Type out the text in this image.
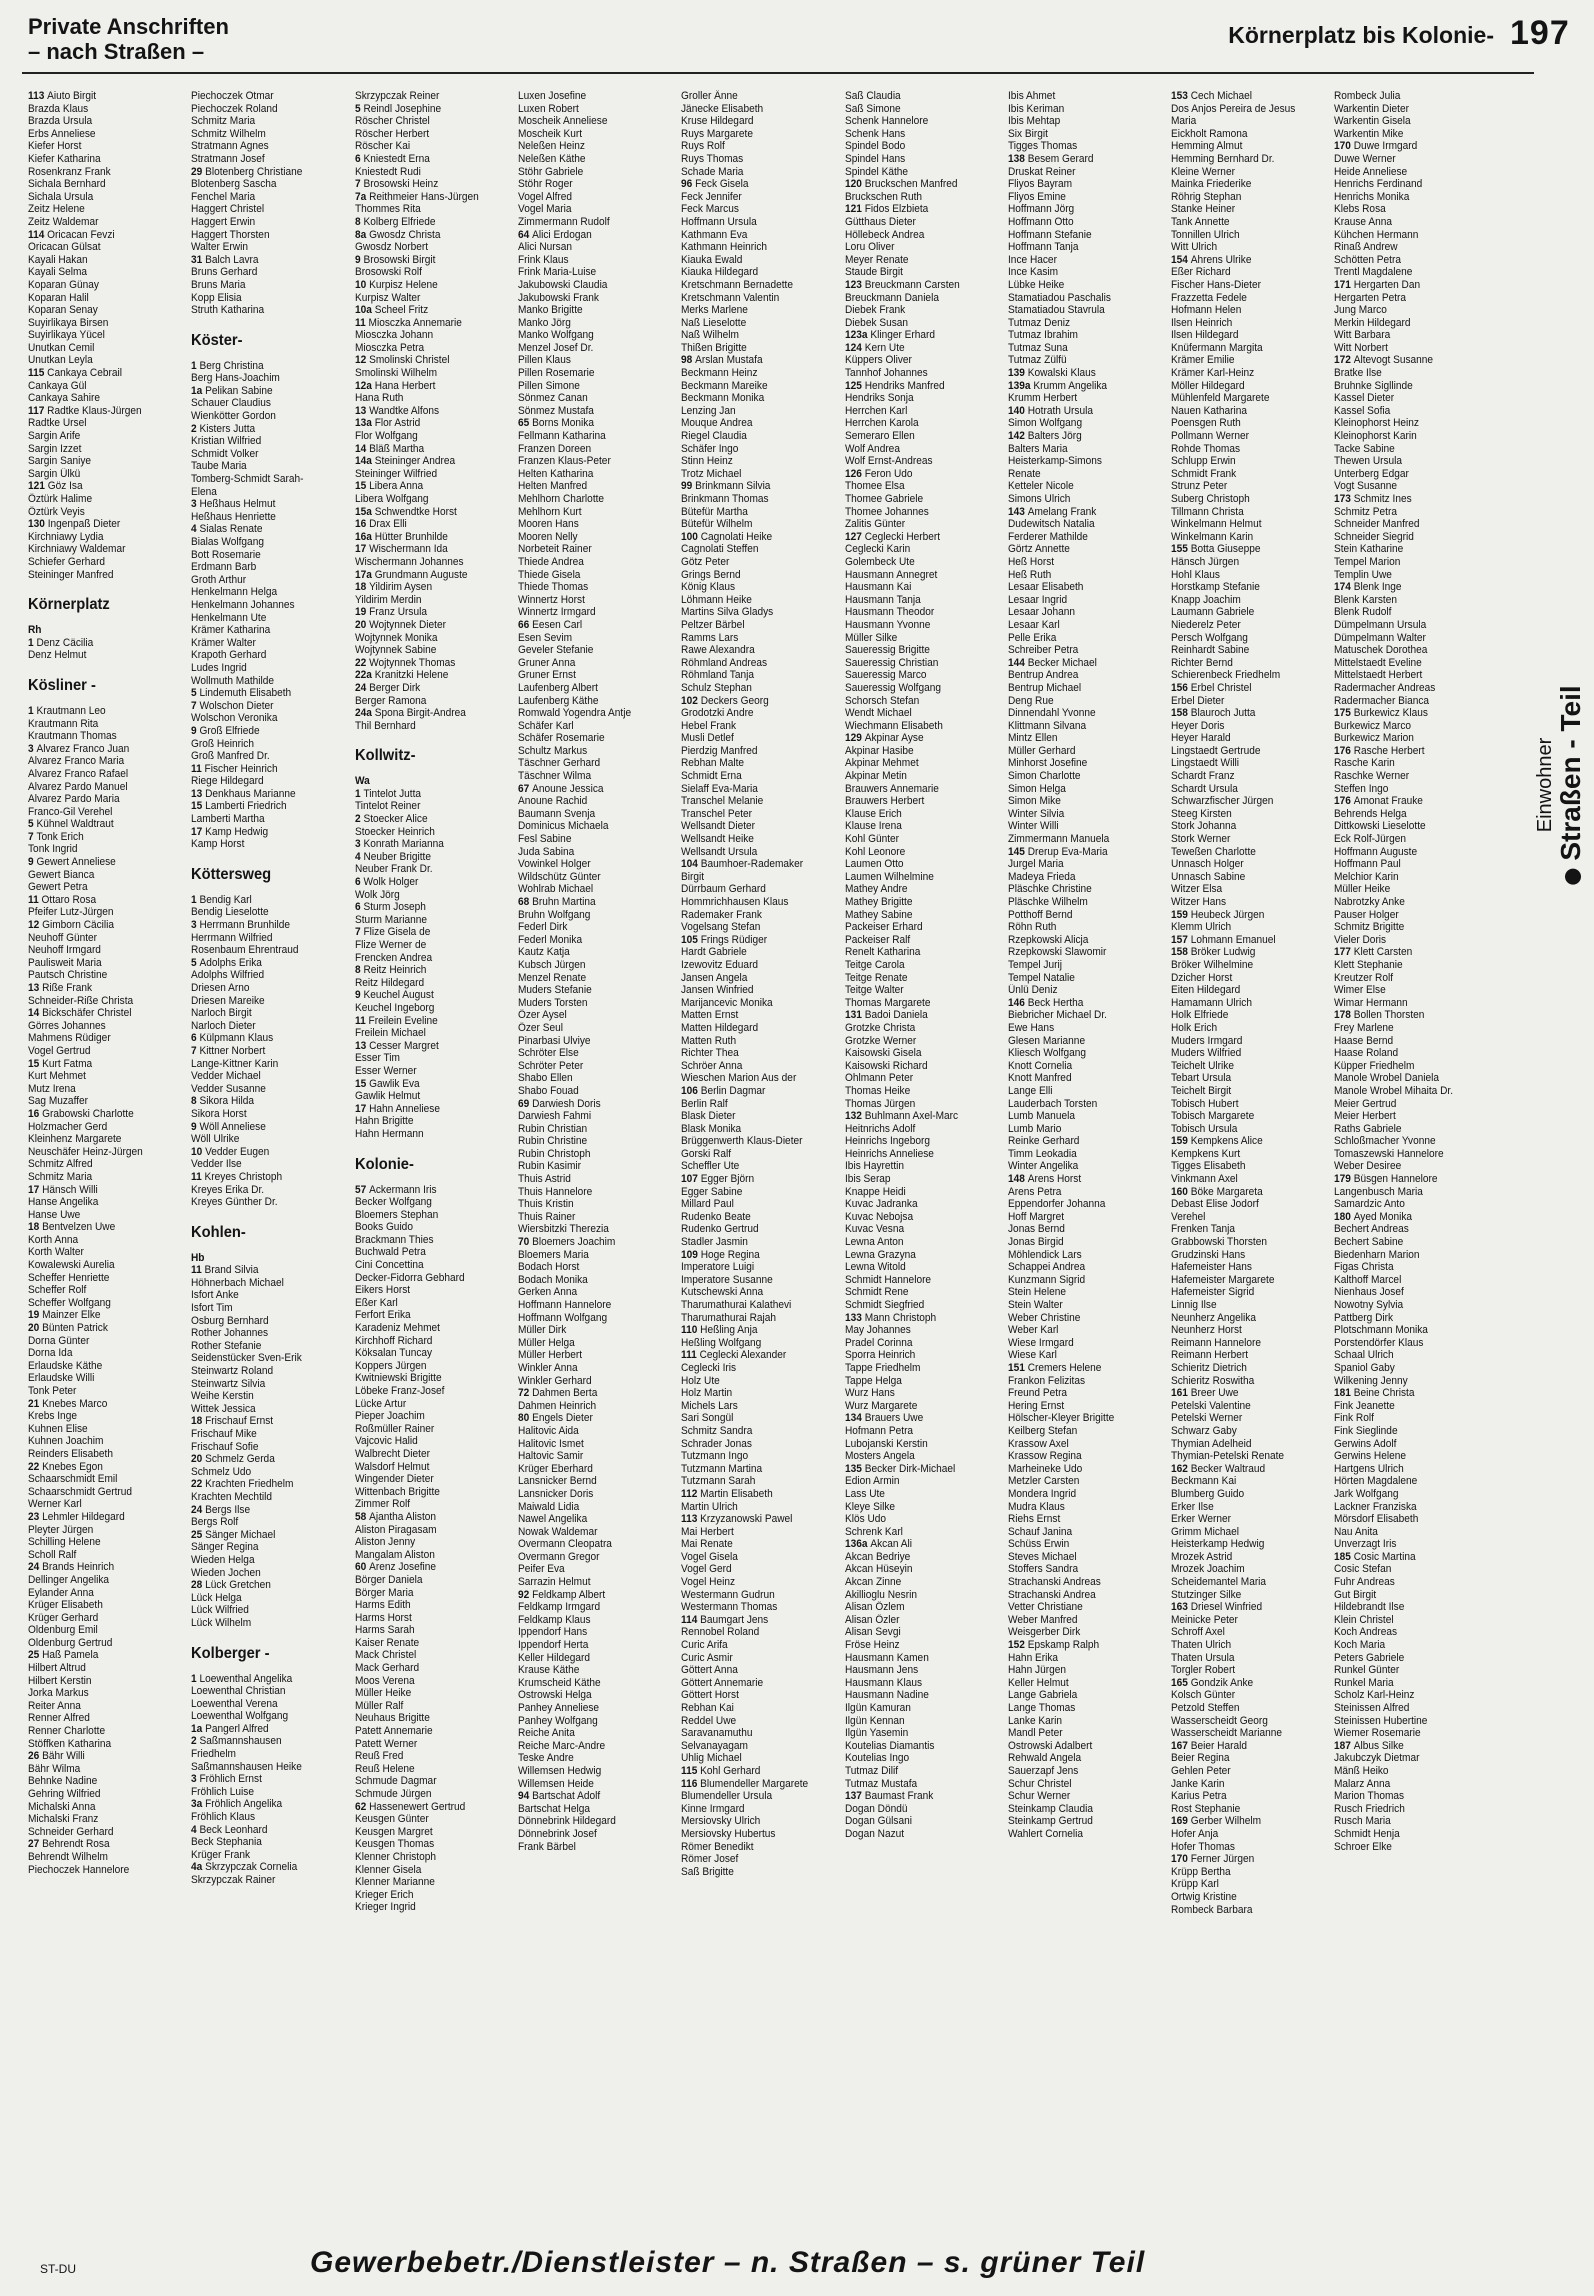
Private Anschriften
– nach Straßen –
Körnerplatz bis Kolonie- 197
113 Aiuto Birgit
Brazda Klaus
Brazda Ursula
Erbs Anneliese
Kiefer Horst
Kiefer Katharina
Rosenkranz Frank
Sichala Bernhard
Sichala Ursula
Zeitz Helene
Zeitz Waldemar
114 Oricacan Fevzi
Oricacan Gülsat
Kayali Hakan
Kayali Selma
Koparan Günay
Koparan Halil
Koparan Senay
Suyirlikaya Birsen
Suyirlikaya Yücel
Unutkan Cemil
Unutkan Leyla
115 Cankaya Cebrail
Cankaya Gül
Cankaya Sahire
117 Radtke Klaus-Jürgen
Radtke Ursel
Sargin Arife
Sargin Izzet
Sargin Saniye
Sargin Ülkü
121 Göz Isa
Öztürk Halime
Öztürk Veyis
130 Ingenpaß Dieter
Kirchniawy Lydia
Kirchniawy Waldemar
Schiefer Gerhard
Steininger Manfred
Körnerplatz
Rh
1 Denz Cäcilia
Denz Helmut
Kösliner -
1 Krautmann Leo
Krautmann Rita
Krautmann Thomas
3 Alvarez Franco Juan
Alvarez Franco Maria
Alvarez Franco Rafael
Alvarez Pardo Manuel
Alvarez Pardo Maria
Franco-Gil Verehel
5 Kühnel Waldtraut
7 Tonk Erich
Tonk Ingrid
9 Gewert Anneliese
Gewert Bianca
Gewert Petra
11 Ottaro Rosa
Pfeifer Lutz-Jürgen
12 Gimborn Cäcilia
Neuhoff Günter
Neuhoff Irmgard
Paulisweit Maria
Pautsch Christine
13 Riße Frank
Schneider-Riße Christa
14 Bickschäfer Christel
Görres Johannes
Mahmens Rüdiger
Vogel Gertrud
15 Kurt Fatma
Kurt Mehmet
Mutz Irena
Sag Muzaffer
16 Grabowski Charlotte
Holzmacher Gerd
Kleinhenz Margarete
Neuschäfer Heinz-Jürgen
Schmitz Alfred
Schmitz Maria
17 Hänsch Willi
Hanse Angelika
Hanse Uwe
18 Bentvelzen Uwe
Korth Anna
Korth Walter
Kowalewski Aurelia
Scheffer Henriette
Scheffer Rolf
Scheffer Wolfgang
19 Mainzer Elke
20 Bünten Patrick
Dorna Günter
Dorna Ida
Erlaudske Käthe
Erlaudske Willi
Tonk Peter
21 Knebes Marco
Krebs Inge
Kuhnen Elise
Kuhnen Joachim
Reinders Elisabeth
22 Knebes Egon
Schaarschmidt Emil
Schaarschmidt Gertrud
Werner Karl
23 Lehmler Hildegard
Pleyter Jürgen
Schilling Helene
Scholl Ralf
24 Brands Heinrich
Dellinger Angelika
Eylander Anna
Krüger Elisabeth
Krüger Gerhard
Oldenburg Emil
Oldenburg Gertrud
25 Haß Pamela
Hilbert Altrud
Hilbert Kerstin
Jorka Markus
Reiter Anna
Renner Alfred
Renner Charlotte
Stöffken Katharina
26 Bähr Willi
Bähr Wilma
Behnke Nadine
Gehring Wilfried
Michalski Anna
Michalski Franz
Schneider Gerhard
27 Behrendt Rosa
Behrendt Wilhelm
Piechoczek Hannelore
Piechoczek Otmar
Piechoczek Roland
Schmitz Maria
Schmitz Wilhelm
Stratmann Agnes
Stratmann Josef
29 Blotenberg Christiane
Blotenberg Sascha
Fenchel Maria
Haggert Christel
Haggert Erwin
Haggert Thorsten
Walter Erwin
31 Balch Lavra
Bruns Gerhard
Bruns Maria
Kopp Elisia
Struth Katharina
Köster-
1 Berg Christina
Berg Hans-Joachim
1a Pelikan Sabine
Schauer Claudius
Wienkötter Gordon
2 Kisters Jutta
Kristian Wilfried
Schmidt Volker
Taube Maria
Tomberg-Schmidt Sarah-
Elena
3 Heßhaus Helmut
Heßhaus Henriette
4 Sialas Renate
Bialas Wolfgang
Bott Rosemarie
Erdmann Barb
Groth Arthur
Henkelmann Helga
Henkelmann Johannes
Henkelmann Ute
Krämer Katharina
Krämer Walter
Krapoth Gerhard
Ludes Ingrid
Wollmuth Mathilde
5 Lindemuth Elisabeth
7 Wolschon Dieter
Wolschon Veronika
9 Groß Elfriede
Groß Heinrich
Groß Manfred Dr.
11 Fischer Heinrich
Riege Hildegard
13 Denkhaus Marianne
15 Lamberti Friedrich
Lamberti Martha
17 Kamp Hedwig
Kamp Horst
Köttersweg
1 Bendig Karl
Bendig Lieselotte
3 Herrmann Brunhilde
Herrmann Wilfried
Rosenbaum Ehrentraud
5 Adolphs Erika
Adolphs Wilfried
Driesen Arno
Driesen Mareike
Narloch Birgit
Narloch Dieter
6 Külpmann Klaus
7 Kittner Norbert
Lange-Kittner Karin
Vedder Michael
Vedder Susanne
8 Sikora Hilda
Sikora Horst
9 Wöll Anneliese
Wöll Ulrike
10 Vedder Eugen
Vedder Ilse
11 Kreyes Christoph
Kreyes Erika Dr.
Kreyes Günther Dr.
Kohlen-
Hb
11 Brand Silvia
Höhnerbach Michael
Isfort Anke
Isfort Tim
Osburg Bernhard
Rother Johannes
Rother Stefanie
Seidenstücker Sven-Erik
Steinwartz Roland
Steinwartz Silvia
Weihe Kerstin
Wittek Jessica
18 Frischauf Ernst
Frischauf Mike
Frischauf Sofie
20 Schmelz Gerda
Schmelz Udo
22 Krachten Friedhelm
Krachten Mechtild
24 Bergs Ilse
Bergs Rolf
25 Sänger Michael
Sänger Regina
Wieden Helga
Wieden Jochen
28 Lück Gretchen
Lück Helga
Lück Wilfried
Lück Wilhelm
Kolberger -
1 Loewenthal Angelika
Loewenthal Christian
Loewenthal Verena
Loewenthal Wolfgang
1a Pangerl Alfred
2 Saßmannshausen
Friedhelm
Saßmannshausen Heike
3 Fröhlich Ernst
Fröhlich Luise
3a Fröhlich Angelika
Fröhlich Klaus
4 Beck Leonhard
Beck Stephania
Krüger Frank
4a Skrzypczak Cornelia
Skrzypczak Rainer
Skrzypczak Reiner
5 Reindl Josephine
Röscher Christel
Röscher Herbert
Röscher Kai
6 Kniestedt Erna
Kniestedt Rudi
7 Brosowski Heinz
7a Reithmeier Hans-Jürgen
Thommes Rita
8 Kolberg Elfriede
8a Gwosdz Christa
Gwosdz Norbert
9 Brosowski Birgit
Brosowski Rolf
10 Kurpisz Helene
Kurpisz Walter
10a Scheel Fritz
11 Miosczka Annemarie
Miosczka Johann
Miosczka Petra
12 Smolinski Christel
Smolinski Wilhelm
12a Hana Herbert
Hana Ruth
13 Wandtke Alfons
13a Flor Astrid
Flor Wolfgang
14 Bläß Martha
14a Steininger Andrea
Steininger Wilfried
15 Libera Anna
Libera Wolfgang
15a Schwendtke Horst
16 Drax Elli
16a Hütter Brunhilde
17 Wischermann Ida
Wischermann Johannes
17a Grundmann Auguste
18 Yildirim Aysen
Yildirim Merdin
19 Franz Ursula
20 Wojtynnek Dieter
Wojtynnek Monika
Wojtynnek Sabine
22 Wojtynnek Thomas
22a Kranitzki Helene
24 Berger Dirk
Berger Ramona
24a Spona Birgit-Andrea
Thil Bernhard
Kollwitz-
Wa
1 Tintelot Jutta
Tintelot Reiner
2 Stoecker Alice
Stoecker Heinrich
3 Konrath Marianna
4 Neuber Brigitte
Neuber Frank Dr.
6 Wolk Holger
Wolk Jörg
6 Sturm Joseph
Sturm Marianne
7 Flize Gisela de
Flize Werner de
Frencken Andrea
8 Reitz Heinrich
Reitz Hildegard
9 Keuchel August
Keuchel Ingeborg
11 Freilein Eveline
Freilein Michael
13 Cesser Margret
Esser Tim
Esser Werner
15 Gawlik Eva
Gawlik Helmut
17 Hahn Anneliese
Hahn Brigitte
Hahn Hermann
Kolonie-
57 Ackermann Iris
Becker Wolfgang
Bloemers Stephan
Books Guido
Brackmann Thies
Buchwald Petra
Cini Concettina
Decker-Fidorra Gebhard
Eikers Horst
Eßer Karl
Ferfort Erika
Karadeniz Mehmet
Kirchhoff Richard
Köksalan Tuncay
Koppers Jürgen
Kwitniewski Brigitte
Löbeke Franz-Josef
Lücke Artur
Pieper Joachim
Roßmüller Rainer
Vajcovic Halid
Walbrecht Dieter
Walsdorf Helmut
Wingender Dieter
Wittenbach Brigitte
Zimmer Rolf
58 Ajantha Aliston
Aliston Piragasam
Aliston Jenny
Mangalam Aliston
60 Arenz Josefine
Börger Daniela
Börger Maria
Harms Edith
Harms Horst
Harms Sarah
Kaiser Renate
Mack Christel
Mack Gerhard
Moos Verena
Müller Heike
Müller Ralf
Neuhaus Brigitte
Patett Annemarie
Patett Werner
Reuß Fred
Reuß Helene
Schmude Dagmar
Schmude Jürgen
62 Hassenewert Gertrud
Keusgen Günter
Keusgen Margret
Keusgen Thomas
Klenner Christoph
Klenner Gisela
Klenner Marianne
Krieger Erich
Krieger Ingrid
Luxen Josefine
Luxen Robert
Moscheik Anneliese
Moscheik Kurt
Neleßen Heinz
Neleßen Käthe
Stöhr Gabriele
Stöhr Roger
Vogel Alfred
Vogel Maria
Zimmermann Rudolf
64 Alici Erdogan
Alici Nursan
Frink Klaus
Frink Maria-Luise
Jakubowski Claudia
Jakubowski Frank
Manko Brigitte
Manko Jörg
Manko Wolfgang
Menzel Josef Dr.
Pillen Klaus
Pillen Rosemarie
Pillen Simone
Sönmez Canan
Sönmez Mustafa
65 Borns Monika
Fellmann Katharina
Franzen Doreen
Franzen Klaus-Peter
Helten Katharina
Helten Manfred
Mehlhorn Charlotte
Mehlhorn Kurt
Mooren Hans
Mooren Nelly
Norbeteit Rainer
Thiede Andrea
Thiede Gisela
Thiede Thomas
Winnertz Horst
Winnertz Irmgard
66 Eesen Carl
Esen Sevim
Geveler Stefanie
Gruner Anna
Gruner Ernst
Laufenberg Albert
Laufenberg Käthe
Romwald Yogendra Antje
Schäfer Karl
Schäfer Rosemarie
Schultz Markus
Täschner Gerhard
Täschner Wilma
67 Anoune Jessica
Anoune Rachid
Baumann Svenja
Dominicus Michaela
Fesl Sabine
Juda Sabina
Vowinkel Holger
Wildschütz Günter
Wohlrab Michael
68 Bruhn Martina
Bruhn Wolfgang
Federl Dirk
Federl Monika
Kautz Katja
Kubsch Jürgen
Menzel Renate
Muders Stefanie
Muders Torsten
Özer Aysel
Özer Seul
Pinarbasi Ulviye
Schröter Else
Schröter Peter
Shabo Ellen
Shabo Fouad
69 Darwiesh Doris
Darwiesh Fahmi
Rubin Christian
Rubin Christine
Rubin Christoph
Rubin Kasimir
Thuis Astrid
Thuis Hannelore
Thuis Kristin
Thuis Rainer
Wiersbitzki Therezia
70 Bloemers Joachim
Bloemers Maria
Bodach Horst
Bodach Monika
Gerken Anna
Hoffmann Hannelore
Hoffmann Wolfgang
Müller Dirk
Müller Helga
Müller Herbert
Winkler Anna
Winkler Gerhard
72 Dahmen Berta
Dahmen Heinrich
80 Engels Dieter
Halitovic Aida
Halitovic Ismet
Haltovic Samir
Krüger Eberhard
Lansnicker Bernd
Lansnicker Doris
Maiwald Lidia
Nawel Angelika
Nowak Waldemar
Overmann Cleopatra
Overmann Gregor
Peifer Eva
Sarrazin Helmut
92 Feldkamp Albert
Feldkamp Irmgard
Feldkamp Klaus
Ippendorf Hans
Ippendorf Herta
Keller Hildegard
Krause Käthe
Krumscheid Käthe
Ostrowski Helga
Panhey Anneliese
Panhey Wolfgang
Reiche Anita
Reiche Marc-Andre
Teske Andre
Willemsen Hedwig
Willemsen Heide
94 Bartschat Adolf
Bartschat Helga
Dönnebrink Hildegard
Dönnebrink Josef
Frank Bärbel
Groller Änne
Jänecke Elisabeth
Kruse Hildegard
Ruys Margarete
Ruys Rolf
Ruys Thomas
Schade Maria
96 Feck Gisela
Feck Jennifer
Feck Marcus
Hoffmann Ursula
Kathmann Eva
Kathmann Heinrich
Kiauka Ewald
Kiauka Hildegard
Kretschmann Bernadette
Kretschmann Valentin
Merks Marlene
Naß Lieselotte
Naß Wilhelm
Thißen Brigitte
98 Arslan Mustafa
Beckmann Heinz
Beckmann Mareike
Beckmann Monika
Lenzing Jan
Mouque Andrea
Riegel Claudia
Schäfer Ingo
Stinn Heinz
Trotz Michael
99 Brinkmann Silvia
Brinkmann Thomas
Bütefür Martha
Bütefür Wilhelm
100 Cagnolati Heike
Cagnolati Steffen
Götz Peter
Grings Bernd
König Klaus
Löhmann Heike
Martins Silva Gladys
Peltzer Bärbel
Ramms Lars
Rawe Alexandra
Röhmland Andreas
Röhmland Tanja
Schulz Stephan
102 Deckers Georg
Grodotzki Andre
Hebel Frank
Musli Detlef
Pierdzig Manfred
Rebhan Malte
Schmidt Erna
Sielaff Eva-Maria
Transchel Melanie
Transchel Peter
Wellsandt Dieter
Wellsandt Heike
Wellsandt Ursula
104 Baumhoer-Rademaker
Birgit
Dürrbaum Gerhard
Hommrichhausen Klaus
Rademaker Frank
Vogelsang Stefan
105 Frings Rüdiger
Hardt Gabriele
Izewovitz Eduard
Jansen Angela
Jansen Winfried
Marijancevic Monika
Matten Ernst
Matten Hildegard
Matten Ruth
Richter Thea
Schröer Anna
Wieschen Marion Aus der
106 Berlin Dagmar
Berlin Ralf
Blask Dieter
Blask Monika
Brüggenwerth Klaus-Dieter
Gorski Ralf
Scheffler Ute
107 Egger Björn
Egger Sabine
Millard Paul
Rudenko Beate
Rudenko Gertrud
Stadler Jasmin
109 Hoge Regina
Imperatore Luigi
Imperatore Susanne
Kutschewski Anna
Tharumathurai Kalathevi
Tharumathurai Rajah
110 Heßling Anja
Heßling Wolfgang
111 Ceglecki Alexander
Ceglecki Iris
Holz Ute
Holz Martin
Michels Lars
Sari Songül
Schmitz Sandra
Schrader Jonas
Tutzmann Ingo
Tutzmann Martina
Tutzmann Sarah
112 Martin Elisabeth
Martin Ulrich
113 Krzyzanowski Pawel
Mai Herbert
Mai Renate
Vogel Gisela
Vogel Gerd
Vogel Heinz
Westermann Gudrun
Westermann Thomas
114 Baumgart Jens
Rennobel Roland
Curic Arifa
Curic Asmir
Göttert Anna
Göttert Annemarie
Göttert Horst
Rebhan Kai
Reddel Uwe
Saravanamuthu
Selvanayagam
Uhlig Michael
115 Kohl Gerhard
116 Blumendeller Margarete
Blumendeller Ursula
Kinne Irmgard
Mersiovsky Ulrich
Mersiovsky Hubertus
Römer Benedikt
Römer Josef
Saß Brigitte
Saß Claudia
Saß Simone
Schenk Hannelore
Schenk Hans
Spindel Bodo
Spindel Hans
Spindel Käthe
120 Bruckschen Manfred
Bruckschen Ruth
121 Fidos Elzbieta
Gütthaus Dieter
Höllebeck Andrea
Loru Oliver
Meyer Renate
Staude Birgit
123 Breuckmann Carsten
Breuckmann Daniela
Diebek Frank
Diebek Susan
123a Klinger Erhard
124 Kern Ute
Küppers Oliver
Tannhof Johannes
125 Hendriks Manfred
Hendriks Sonja
Herrchen Karl
Herrchen Karola
Semeraro Ellen
Wolf Andrea
Wolf Ernst-Andreas
126 Feron Udo
Thomee Elsa
Thomee Gabriele
Thomee Johannes
Zalitis Günter
127 Ceglecki Herbert
Ceglecki Karin
Golembeck Ute
Hausmann Annegret
Hausmann Kai
Hausmann Tanja
Hausmann Theodor
Hausmann Yvonne
Müller Silke
Saueressig Brigitte
Saueressig Christian
Saueressig Marco
Saueressig Wolfgang
Schorsch Stefan
Wendt Michael
Wiechmann Elisabeth
129 Akpinar Ayse
Akpinar Hasibe
Akpinar Mehmet
Akpinar Metin
Brauwers Annemarie
Brauwers Herbert
Klause Erich
Klause Irena
Kohl Günter
Kohl Leonore
Laumen Otto
Laumen Wilhelmine
Mathey Andre
Mathey Brigitte
Mathey Sabine
Packeiser Erhard
Packeiser Ralf
Renelt Katharina
Teitge Carola
Teitge Renate
Teitge Walter
Thomas Margarete
131 Badoi Daniela
Grotzke Christa
Grotzke Werner
Kaisowski Gisela
Kaisowski Richard
Ohlmann Peter
Thomas Heike
Thomas Jürgen
132 Buhlmann Axel-Marc
Heitnrichs Adolf
Heinrichs Ingeborg
Heinrichs Anneliese
Ibis Hayrettin
Ibis Serap
Knappe Heidi
Kuvac Jadranka
Kuvac Nebojsa
Kuvac Vesna
Lewna Anton
Lewna Grazyna
Lewna Witold
Schmidt Hannelore
Schmidt Rene
Schmidt Siegfried
133 Mann Christoph
May Johannes
Pradel Corinna
Sporra Heinrich
Tappe Friedhelm
Tappe Helga
Wurz Hans
Wurz Margarete
134 Brauers Uwe
Hofmann Petra
Lubojanski Kerstin
Mosters Angela
135 Becker Dirk-Michael
Edion Armin
Lass Ute
Kleye Silke
Klös Udo
Schrenk Karl
136a Akcan Ali
Akcan Bedriye
Akcan Hüseyin
Akcan Zinne
Akillioglu Nesrin
Alisan Özlem
Alisan Özler
Alisan Sevgi
Fröse Heinz
Hausmann Kamen
Hausmann Jens
Hausmann Klaus
Hausmann Nadine
Ilgün Kamuran
Ilgün Kennan
Ilgün Yasemin
Koutelias Diamantis
Koutelias Ingo
Tutmaz Dilif
Tutmaz Mustafa
137 Baumast Frank
Dogan Döndü
Dogan Gülsani
Dogan Nazut
Ibis Ahmet
Ibis Keriman
Ibis Mehtap
Six Birgit
Tigges Thomas
138 Besem Gerard
Druskat Reiner
Fliyos Bayram
Fliyos Emine
Hoffmann Jörg
Hoffmann Otto
Hoffmann Stefanie
Hoffmann Tanja
Ince Hacer
Ince Kasim
Lübke Heike
Stamatiadou Paschalis
Stamatiadou Stavrula
Tutmaz Deniz
Tutmaz Ibrahim
Tutmaz Suna
Tutmaz Zülfü
139 Kowalski Klaus
139a Krumm Angelika
Krumm Herbert
140 Hotrath Ursula
Simon Wolfgang
142 Balters Jörg
Balters Maria
Heisterkamp-Simons
Renate
Ketteler Nicole
Simons Ulrich
143 Amelang Frank
Dudewitsch Natalia
Ferderer Mathilde
Görtz Annette
Heß Horst
Heß Ruth
Lesaar Elisabeth
Lesaar Ingrid
Lesaar Johann
Lesaar Karl
Pelle Erika
Schreiber Petra
144 Becker Michael
Bentrup Andrea
Bentrup Michael
Deng Rue
Dinnendahl Yvonne
Klittmann Silvana
Mintz Ellen
Müller Gerhard
Minhorst Josefine
Simon Charlotte
Simon Helga
Simon Mike
Winter Silvia
Winter Willi
Zimmermann Manuela
145 Drerup Eva-Maria
Jurgel Maria
Madeya Frieda
Pläschke Christine
Pläschke Wilhelm
Potthoff Bernd
Röhn Ruth
Rzepkowski Alicja
Rzepkowski Slawomir
Tempel Jurij
Tempel Natalie
Ünlü Deniz
146 Beck Hertha
Biebricher Michael Dr.
Ewe Hans
Glesen Marianne
Kliesch Wolfgang
Knott Cornelia
Knott Manfred
Lange Elli
Lauderbach Torsten
Lumb Manuela
Lumb Mario
Reinke Gerhard
Timm Leokadia
Winter Angelika
148 Arens Horst
Arens Petra
Eppendorfer Johanna
Hoff Margret
Jonas Bernd
Jonas Birgid
Möhlendick Lars
Schappei Andrea
Kunzmann Sigrid
Stein Helene
Stein Walter
Weber Christine
Weber Karl
Wiese Irmgard
Wiese Karl
151 Cremers Helene
Frankon Felizitas
Freund Petra
Hering Ernst
Hölscher-Kleyer Brigitte
Keilberg Stefan
Krassow Axel
Krassow Regina
Marheineke Udo
Metzler Carsten
Mondera Ingrid
Mudra Klaus
Riehs Ernst
Schauf Janina
Schüss Erwin
Steves Michael
Stoffers Sandra
Strachanski Andreas
Strachanski Andrea
Vetter Christiane
Weber Manfred
Weisgerber Dirk
152 Epskamp Ralph
Hahn Erika
Hahn Jürgen
Keller Helmut
Lange Gabriela
Lange Thomas
Lanke Karin
Mandl Peter
Ostrowski Adalbert
Rehwald Angela
Sauerzapf Jens
Schur Christel
Schur Werner
Steinkamp Claudia
Steinkamp Gertrud
Wahlert Cornelia
153 Cech Michael
Dos Anjos Pereira de Jesus
Maria
Eickholt Ramona
Hemming Almut
Hemming Bernhard Dr.
Kleine Werner
Mainka Friederike
Röhrig Stephan
Stanke Heiner
Tank Annette
Tonnillen Ulrich
Witt Ulrich
154 Ahrens Ulrike
Eßer Richard
Fischer Hans-Dieter
Frazzetta Fedele
Hofmann Helen
Ilsen Heinrich
Ilsen Hildegard
Knüfermann Margita
Krämer Emilie
Krämer Karl-Heinz
Möller Hildegard
Mühlenfeld Margarete
Nauen Katharina
Poensgen Ruth
Pollmann Werner
Rohde Thomas
Schlupp Erwin
Schmidt Frank
Strunz Peter
Suberg Christoph
Tillmann Christa
Winkelmann Helmut
Winkelmann Karin
155 Botta Giuseppe
Hänsch Jürgen
Hohl Klaus
Horstkamp Stefanie
Knapp Joachim
Laumann Gabriele
Niederelz Peter
Persch Wolfgang
Reinhardt Sabine
Richter Bernd
Schierenbeck Friedhelm
156 Erbel Christel
Erbel Dieter
158 Blauroch Jutta
Heyer Doris
Heyer Harald
Lingstaedt Gertrude
Lingstaedt Willi
Schardt Franz
Schardt Ursula
Schwarzfischer Jürgen
Steeg Kirsten
Stork Johanna
Stork Werner
Teweßen Charlotte
Unnasch Holger
Unnasch Sabine
Witzer Elsa
Witzer Hans
159 Heubeck Jürgen
Klemm Ulrich
157 Lohmann Emanuel
158 Bröker Ludwig
Bröker Wilhelmine
Dzicher Horst
Eiten Hildegard
Hamamann Ulrich
Holk Elfriede
Holk Erich
Muders Irmgard
Muders Wilfried
Teichelt Ulrike
Tebart Ursula
Teichelt Birgit
Tobisch Hubert
Tobisch Margarete
Tobisch Ursula
159 Kempkens Alice
Kempkens Kurt
Tigges Elisabeth
Vinkmann Axel
160 Böke Margareta
Debast Elise Jodorf
Verehel
Frenken Tanja
Grabbowski Thorsten
Grudzinski Hans
Hafemeister Hans
Hafemeister Margarete
Hafemeister Sigrid
Linnig Ilse
Neunherz Angelika
Neunherz Horst
Reimann Hannelore
Reimann Herbert
Schieritz Dietrich
Schieritz Roswitha
161 Breer Uwe
Petelski Valentine
Petelski Werner
Schwarz Gaby
Thymian Adelheid
Thymian-Petelski Renate
162 Becker Waltraud
Beckmann Kai
Blumberg Guido
Erker Ilse
Erker Werner
Grimm Michael
Heisterkamp Hedwig
Mrozek Astrid
Mrozek Joachim
Scheidemantel Maria
Stutzinger Silke
163 Driesel Winfried
Meinicke Peter
Schroff Axel
Thaten Ulrich
Thaten Ursula
Torgler Robert
165 Gondzik Anke
Kolsch Günter
Petzold Steffen
Wasserscheidt Georg
Wasserscheidt Marianne
167 Beier Harald
Beier Regina
Gehlen Peter
Janke Karin
Karius Petra
Rost Stephanie
169 Gerber Wilhelm
Hofer Anja
Hofer Thomas
170 Ferner Jürgen
Krüpp Bertha
Krüpp Karl
Ortwig Kristine
Rombeck Barbara
Rombeck Julia
Warkentin Dieter
Warkentin Gisela
Warkentin Mike
170 Duwe Irmgard
Duwe Werner
Heide Anneliese
Henrichs Ferdinand
Henrichs Monika
Klebs Rosa
Krause Anna
Kühchen Hermann
Rinaß Andrew
Schötten Petra
Trentl Magdalene
171 Hergarten Dan
Hergarten Petra
Jung Marco
Merkin Hildegard
Witt Barbara
Witt Norbert
172 Altevogt Susanne
Bratke Ilse
Bruhnke Sigllinde
Kassel Dieter
Kassel Sofia
Kleinophorst Heinz
Kleinophorst Karin
Tacke Sabine
Thewen Ursula
Unterberg Edgar
Vogt Susanne
173 Schmitz Ines
Schmitz Petra
Schneider Manfred
Schneider Siegrid
Stein Katharine
Tempel Marion
Templin Uwe
174 Blenk Inge
Blenk Karsten
Blenk Rudolf
Dümpelmann Ursula
Dümpelmann Walter
Matuschek Dorothea
Mittelstaedt Eveline
Mittelstaedt Herbert
Radermacher Andreas
Radermacher Bianca
175 Burkewicz Klaus
Burkewicz Marco
Burkewicz Marion
176 Rasche Herbert
Rasche Karin
Raschke Werner
Steffen Ingo
176 Amonat Frauke
Behrends Helga
Dittkowski Lieselotte
Eck Rolf-Jürgen
Hoffmann Auguste
Hoffmann Paul
Melchior Karin
Müller Heike
Nabrotzky Anke
Pauser Holger
Schmitz Brigitte
Vieler Doris
177 Klett Carsten
Klett Stephanie
Kreutzer Rolf
Wimer Else
Wimar Hermann
178 Bollen Thorsten
Frey Marlene
Haase Bernd
Haase Roland
Küpper Friedhelm
Manole Wrobel Daniela
Manole Wrobel Mihaita Dr.
Meier Gertrud
Meier Herbert
Raths Gabriele
Schloßmacher Yvonne
Tomaszewski Hannelore
Weber Desiree
179 Büsgen Hannelore
Langenbusch Maria
Samardzic Anto
180 Ayed Monika
Bechert Andreas
Bechert Sabine
Biedenharn Marion
Figas Christa
Kalthoff Marcel
Nienhaus Josef
Nowotny Sylvia
Pattberg Dirk
Plotschmann Monika
Porstendörfer Klaus
Schaal Ulrich
Spaniol Gaby
Wilkening Jenny
181 Beine Christa
Fink Jeanette
Fink Rolf
Fink Sieglinde
Gerwins Adolf
Gerwins Helene
Hartgens Ulrich
Hörten Magdalene
Jark Wolfgang
Lackner Franziska
Mörsdorf Elisabeth
Nau Anita
Unverzagt Iris
185 Cosic Martina
Cosic Stefan
Fuhr Andreas
Gut Birgit
Hildebrandt Ilse
Klein Christel
Koch Andreas
Koch Maria
Peters Gabriele
Runkel Günter
Runkel Maria
Scholz Karl-Heinz
Steinissen Alfred
Steinissen Hubertine
Wiemer Rosemarie
187 Albus Silke
Jakubczyk Dietmar
Mänß Heiko
Malarz Anna
Marion Thomas
Rusch Friedrich
Rusch Maria
Schmidt Henja
Schroer Elke
Einwohner Straßen - Teil
ST-DU	Gewerbebetr./Dienstleister – n. Straßen – s. grüner Teil
